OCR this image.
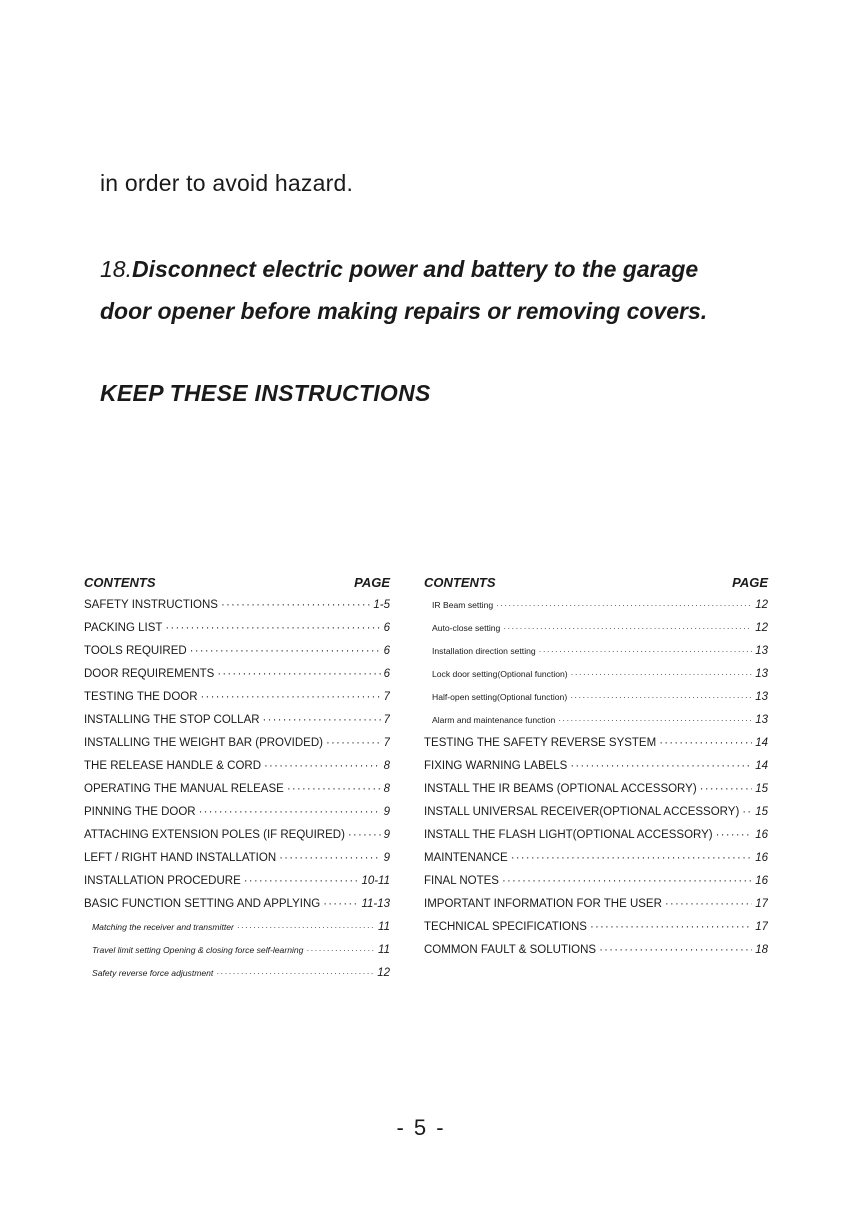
in order to avoid hazard.
18.Disconnect electric power and battery to the garage
door opener before making repairs or removing covers.
KEEP THESE INSTRUCTIONS
CONTENTS	PAGE
SAFETY INSTRUCTIONS ·····	1-5
PACKING LIST ·····	6
TOOLS REQUIRED ·····	6
DOOR REQUIREMENTS ·····	6
TESTING THE DOOR ·····	7
INSTALLING THE STOP COLLAR ·····	7
INSTALLING THE WEIGHT BAR (PROVIDED) ·····	7
THE RELEASE HANDLE & CORD ·····	8
OPERATING THE MANUAL RELEASE ·····	8
PINNING THE DOOR ·····	9
ATTACHING EXTENSION POLES (IF REQUIRED) ·····	9
LEFT / RIGHT HAND INSTALLATION ·····	9
INSTALLATION PROCEDURE ·····	10-11
BASIC FUNCTION SETTING AND APPLYING ·····	11-13
Matching the receiver and transmitter ·····	11
Travel limit setting Opening & closing force self-learning ·····	11
Safety reverse force adjustment ·····	12
CONTENTS	PAGE
IR Beam setting ·····	12
Auto-close setting ·····	12
Installation direction setting ·····	13
Lock door setting(Optional function) ·····	13
Half-open setting(Optional function) ·····	13
Alarm and maintenance function ·····	13
TESTING THE SAFETY REVERSE SYSTEM ·····	14
FIXING WARNING LABELS ·····	14
INSTALL THE IR BEAMS (OPTIONAL ACCESSORY) ·····	15
INSTALL UNIVERSAL RECEIVER(OPTIONAL ACCESSORY) ····· 15
INSTALL THE FLASH LIGHT(OPTIONAL ACCESSORY) ·····	16
MAINTENANCE ·····	16
FINAL NOTES ·····	16
IMPORTANT INFORMATION FOR THE USER ·····	17
TECHNICAL SPECIFICATIONS ·····	17
COMMON FAULT & SOLUTIONS ·····	18
- 5 -
